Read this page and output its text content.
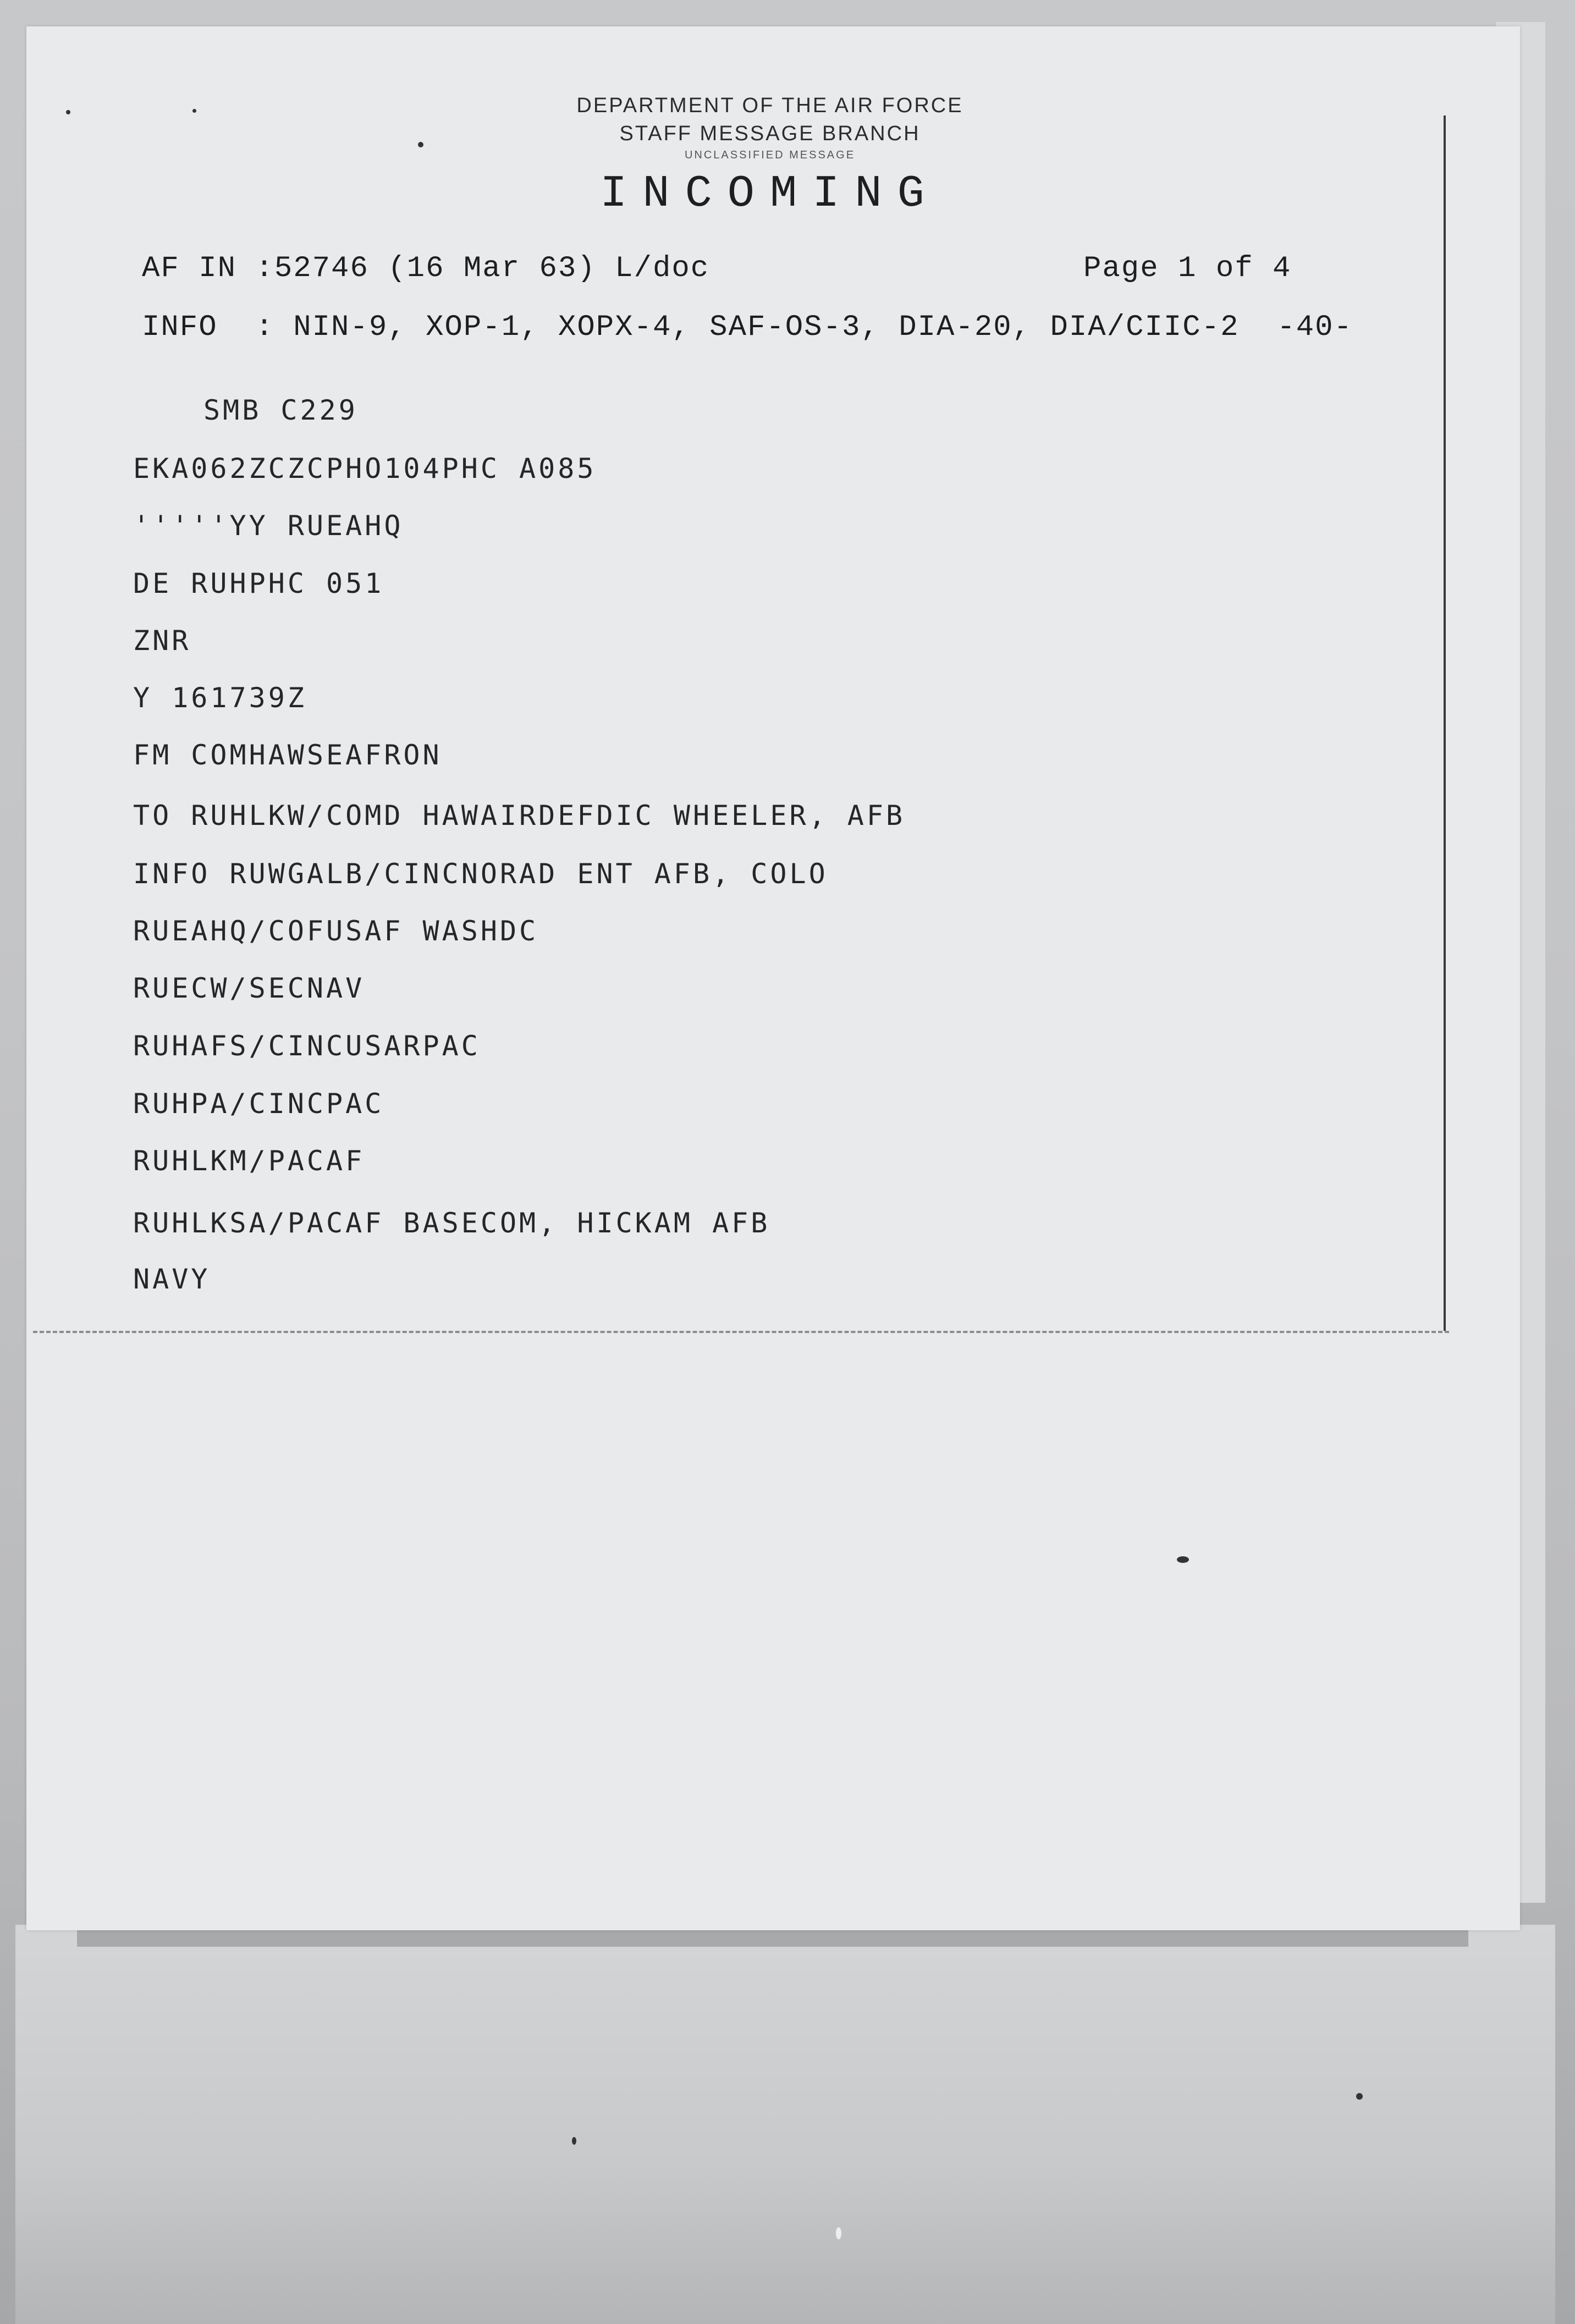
DEPARTMENT OF THE AIR FORCE
STAFF MESSAGE BRANCH
UNCLASSIFIED MESSAGE
INCOMING
AF IN :52746 (16 Mar 63) L/doc	Page 1 of 4
INFO  : NIN-9, XOP-1, XOPX-4, SAF-OS-3, DIA-20, DIA/CIIC-2  -40-
SMB C229
EKA062ZCZCPHO104PHC A085
'''''YY RUEAHQ
DE RUHPHC 051
ZNR
Y 161739Z
FM COMHAWSEAFRON
TO RUHLKW/COMD HAWAIRDEFDIC WHEELER, AFB
INFO RUWGALB/CINCNORAD ENT AFB, COLO
RUEAHQ/COFUSAF WASHDC
RUECW/SECNAV
RUHAFS/CINCUSARPAC
RUHPA/CINCPAC
RUHLKM/PACAF
RUHLKSA/PACAF BASECOM, HICKAM AFB
NAVY
